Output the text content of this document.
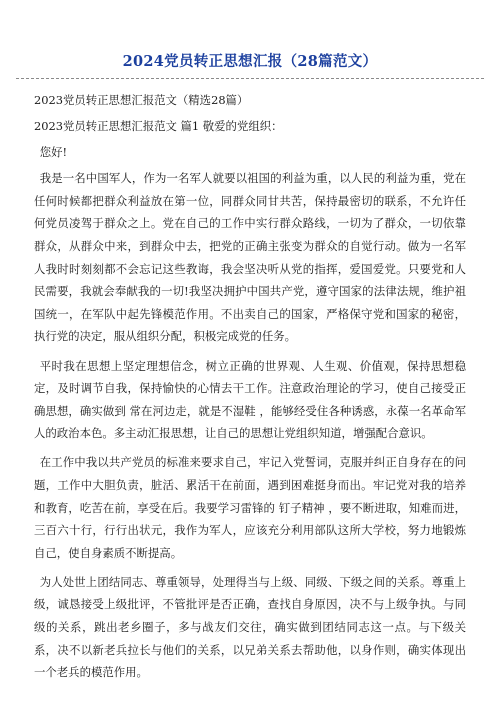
2024党员转正思想汇报（28篇范文）

2023党员转正思想汇报范文（精选28篇）

2023党员转正思想汇报范文 篇1 敬爱的党组织：

您好!

我是一名中国军人，作为一名军人就要以祖国的利益为重，以人民的利益为重，党在任何时候都把群众利益放在第一位，同群众同甘共苦，保持最密切的联系，不允许任何党员凌驾于群众之上。党在自己的工作中实行群众路线，一切为了群众，一切依靠群众，从群众中来，到群众中去，把党的正确主张变为群众的自觉行动。做为一名军人我时时刻刻都不会忘记这些教诲，我会坚决听从党的指挥，爱国爱党。只要党和人民需要，我就会奉献我的一切!我坚决拥护中国共产党，遵守国家的法律法规，维护祖国统一，在军队中起先锋模范作用。不出卖自己的国家，严格保守党和国家的秘密，执行党的决定，服从组织分配，积极完成党的任务。

平时我在思想上坚定理想信念，树立正确的世界观、人生观、价值观，保持思想稳定，及时调节自我，保持愉快的心情去干工作。注意政治理论的学习，使自己接受正确思想，确实做到 常在河边走，就是不湿鞋 ，能够经受住各种诱惑，永葆一名革命军人的政治本色。多主动汇报思想，让自己的思想让党组织知道，增强配合意识。

在工作中我以共产党员的标准来要求自己，牢记入党誓词，克服并纠正自身存在的问题，工作中大胆负责，脏活、累活干在前面，遇到困难挺身而出。牢记党对我的培养和教育，吃苦在前，享受在后。我要学习雷锋的 钉子精神 ，要不断进取，知难而进， 三百六十行，行行出状元，我作为军人，应该充分利用部队这所大学校，努力地锻炼自己，使自身素质不断提高。

为人处世上团结同志、尊重领导，处理得当与上级、同级、下级之间的关系。尊重上级，诚恳接受上级批评，不管批评是否正确，查找自身原因，决不与上级争执。与同级的关系，跳出老乡圈子，多与战友们交往，确实做到团结同志这一点。与下级关系，决不以新老兵拉长与他们的关系，以兄弟关系去帮助他，以身作则，确实体现出一个老兵的模范作用。
